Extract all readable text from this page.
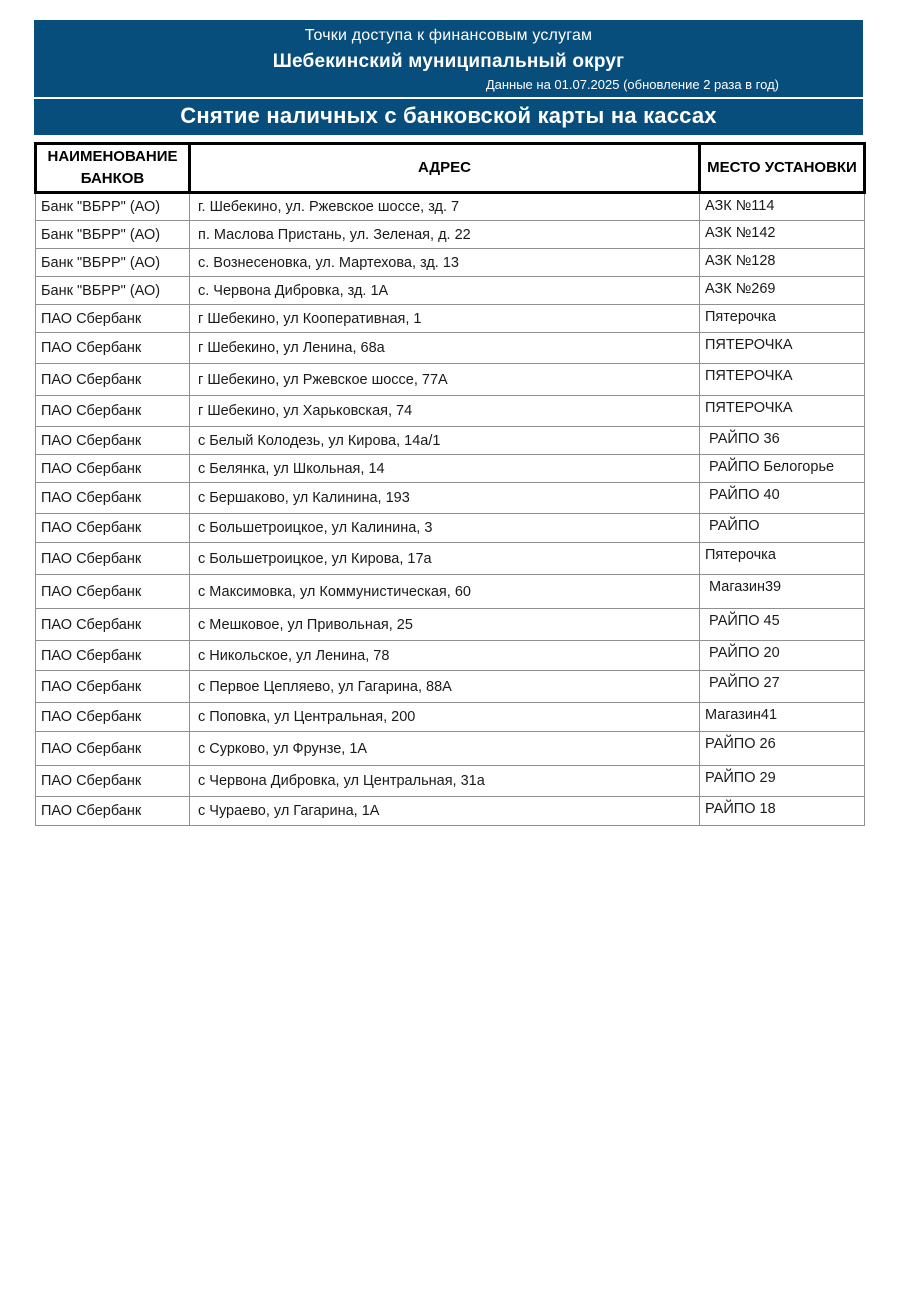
Точки доступа к финансовым услугам
Шебекинский муниципальный округ
Данные на 01.07.2025 (обновление 2 раза в год)
Снятие наличных с банковской карты на кассах
НАИМЕНОВАНИЕ БАНКОВ	АДРЕС	МЕСТО УСТАНОВКИ
Банк "ВБРР" (АО)	г. Шебекино, ул. Ржевское шоссе, зд. 7	АЗК №114
Банк "ВБРР" (АО)	п. Маслова Пристань, ул. Зеленая, д. 22	АЗК №142
Банк "ВБРР" (АО)	с. Вознесеновка, ул. Мартехова, зд. 13	АЗК №128
Банк "ВБРР" (АО)	с. Червона Дибровка, зд. 1А	АЗК №269
ПАО Сбербанк	г Шебекино, ул Кооперативная, 1	Пятерочка
ПАО Сбербанк	г Шебекино, ул Ленина, 68а	ПЯТЕРОЧКА
ПАО Сбербанк	г Шебекино, ул Ржевское шоссе, 77А	ПЯТЕРОЧКА
ПАО Сбербанк	г Шебекино, ул Харьковская, 74	ПЯТЕРОЧКА
ПАО Сбербанк	с Белый Колодезь, ул Кирова, 14а/1	РАЙПО 36
ПАО Сбербанк	с Белянка, ул Школьная, 14	РАЙПО Белогорье
ПАО Сбербанк	с Бершаково, ул Калинина, 193	РАЙПО 40
ПАО Сбербанк	с Большетроицкое, ул Калинина, 3	РАЙПО
ПАО Сбербанк	с Большетроицкое, ул Кирова, 17а	Пятерочка
ПАО Сбербанк	с Максимовка, ул Коммунистическая, 60	Магазин39
ПАО Сбербанк	с Мешковое, ул Привольная, 25	РАЙПО 45
ПАО Сбербанк	с Никольское, ул Ленина, 78	РАЙПО 20
ПАО Сбербанк	с Первое Цепляево, ул Гагарина, 88А	РАЙПО 27
ПАО Сбербанк	с Поповка, ул Центральная, 200	Магазин41
ПАО Сбербанк	с Сурково, ул Фрунзе, 1А	РАЙПО 26
ПАО Сбербанк	с Червона Дибровка, ул Центральная, 31а	РАЙПО 29
ПАО Сбербанк	с Чураево, ул Гагарина, 1А	РАЙПО 18
